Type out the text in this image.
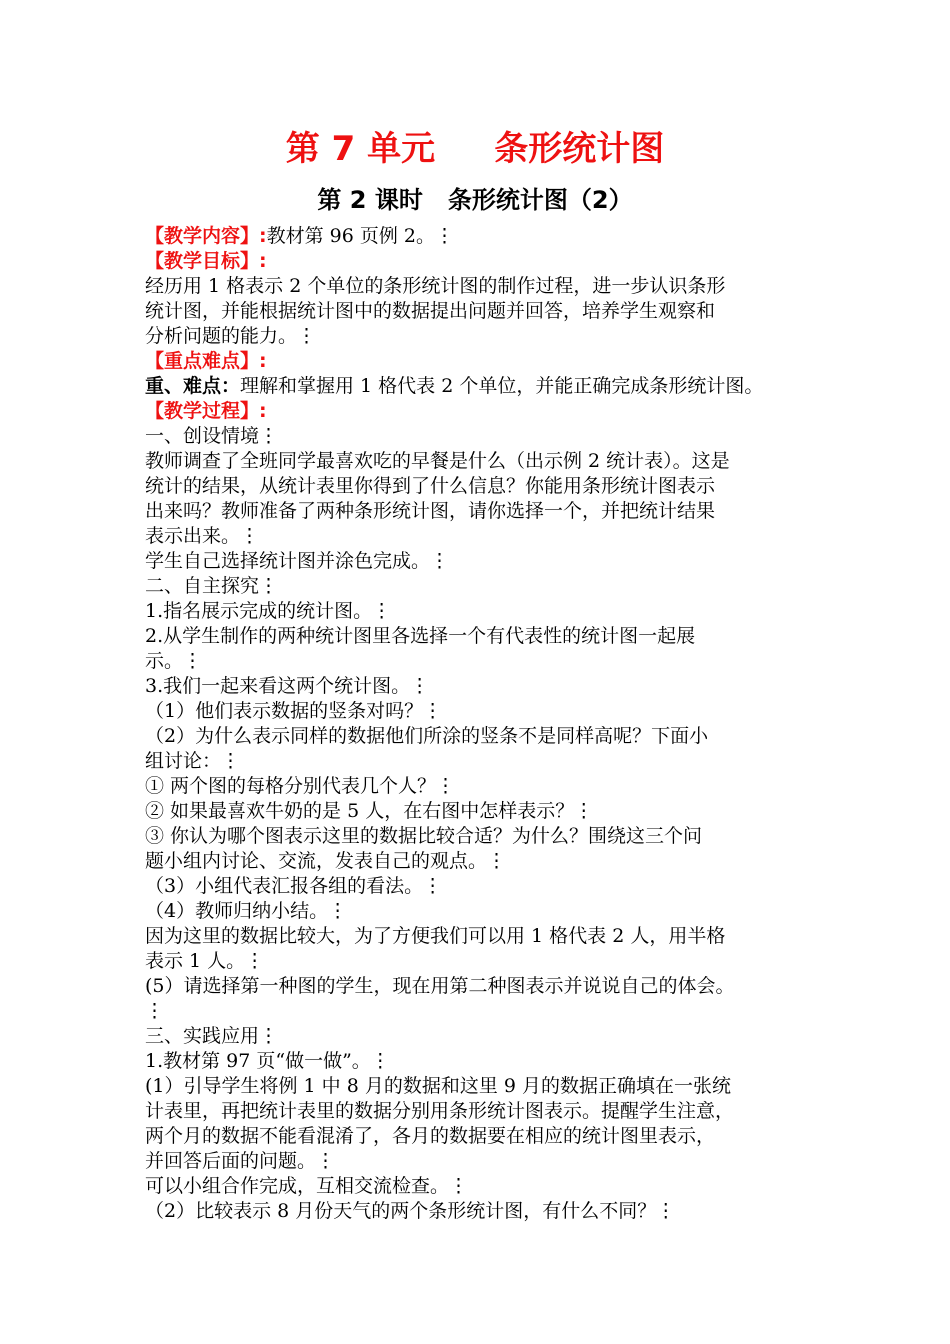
第 7 单元     条形统计图
第 2 课时   条形统计图（2）
【教学内容】:教材第 96 页例 2。⋮
【教学目标】:
经历用 1 格表示 2 个单位的条形统计图的制作过程，进一步认识条形
统计图，并能根据统计图中的数据提出问题并回答，培养学生观察和
分析问题的能力。⋮
【重点难点】:
重、难点：理解和掌握用 1 格代表 2 个单位，并能正确完成条形统计图。
【教学过程】:
一、创设情境⋮
教师调查了全班同学最喜欢吃的早餐是什么（出示例 2 统计表）。这是
统计的结果，从统计表里你得到了什么信息？你能用条形统计图表示
出来吗？教师准备了两种条形统计图，请你选择一个，并把统计结果
表示出来。⋮
学生自己选择统计图并涂色完成。⋮
二、自主探究⋮
1.指名展示完成的统计图。⋮
2.从学生制作的两种统计图里各选择一个有代表性的统计图一起展
示。⋮
3.我们一起来看这两个统计图。⋮
（1）他们表示数据的竖条对吗？⋮
（2）为什么表示同样的数据他们所涂的竖条不是同样高呢？下面小
组讨论：⋮
① 两个图的每格分别代表几个人？⋮
② 如果最喜欢牛奶的是 5 人，在右图中怎样表示？⋮
③ 你认为哪个图表示这里的数据比较合适？为什么？围绕这三个问
题小组内讨论、交流，发表自己的观点。⋮
（3）小组代表汇报各组的看法。⋮
（4）教师归纳小结。⋮
因为这里的数据比较大，为了方便我们可以用 1 格代表 2 人，用半格
表示 1 人。⋮
(5）请选择第一种图的学生，现在用第二种图表示并说说自己的体会。
⋮
三、实践应用⋮
1.教材第 97 页“做一做”。⋮
(1）引导学生将例 1 中 8 月的数据和这里 9 月的数据正确填在一张统
计表里，再把统计表里的数据分别用条形统计图表示。提醒学生注意，
两个月的数据不能看混淆了，各月的数据要在相应的统计图里表示，
并回答后面的问题。⋮
可以小组合作完成，互相交流检查。⋮
（2）比较表示 8 月份天气的两个条形统计图，有什么不同？⋮
